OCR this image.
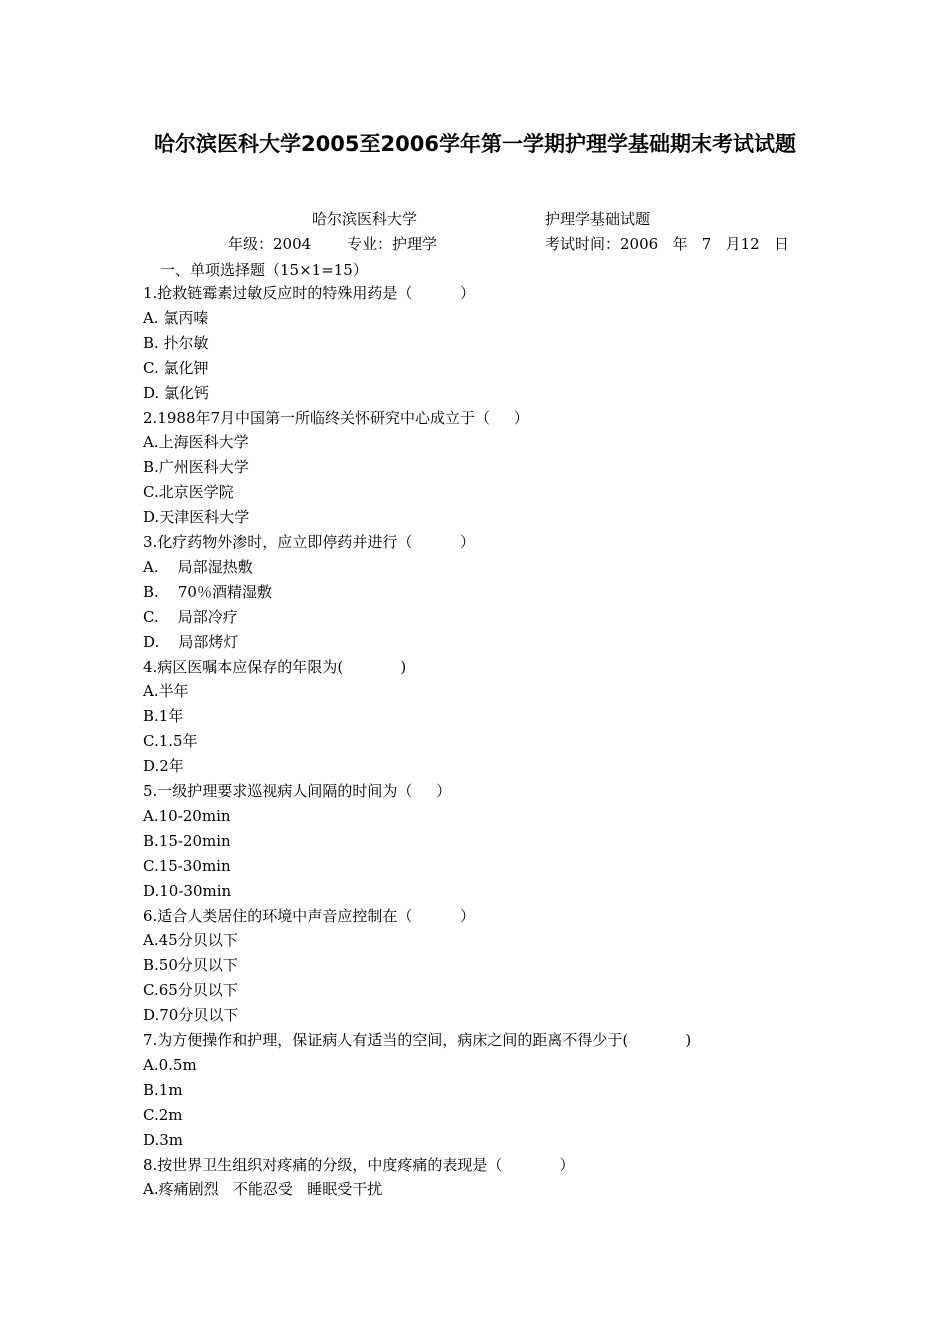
哈尔滨医科大学2005至2006学年第一学期护理学基础期末考试试题
哈尔滨医科大学	护理学基础试题
年级：2004 专业：护理学	考试时间：2006   年   7   月12   日
一、单项选择题（15×1=15）
1.抢救链霉素过敏反应时的特殊用药是（          ）
A. 氯丙嗪
B. 扑尔敏
C. 氯化钾
D. 氯化钙
2.1988年7月中国第一所临终关怀研究中心成立于（     ）
A.上海医科大学
B.广州医科大学
C.北京医学院
D.天津医科大学
3.化疗药物外渗时，应立即停药并进行（          ）
A.    局部湿热敷
B.    70％酒精湿敷
C.    局部冷疗
D.    局部烤灯
4.病区医嘱本应保存的年限为(            )
A.半年
B.1年
C.1.5年
D.2年
5.一级护理要求巡视病人间隔的时间为（     ）
A.10-20min
B.15-20min
C.15-30min
D.10-30min
6.适合人类居住的环境中声音应控制在（          ）
A.45分贝以下
B.50分贝以下
C.65分贝以下
D.70分贝以下
7.为方便操作和护理，保证病人有适当的空间，病床之间的距离不得少于(            )
A.0.5m
B.1m
C.2m
D.3m
8.按世界卫生组织对疼痛的分级，中度疼痛的表现是（            ）
A.疼痛剧烈   不能忍受   睡眠受干扰
